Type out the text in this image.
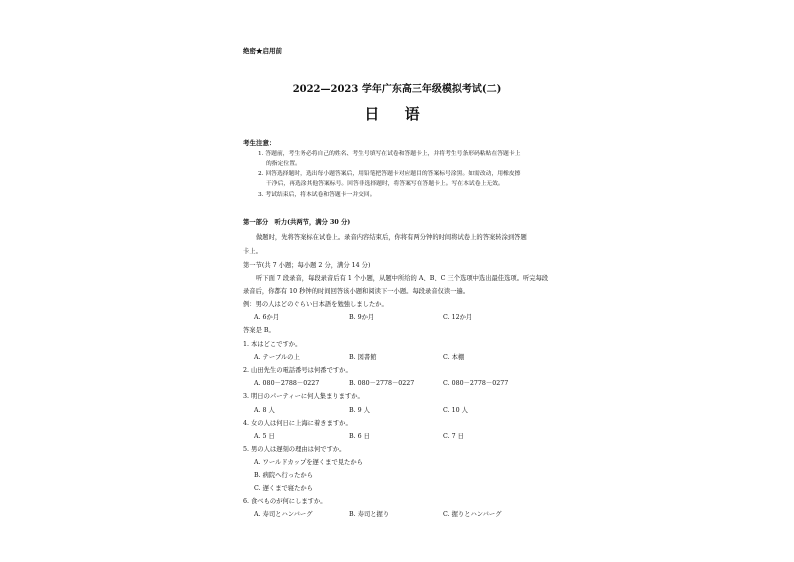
绝密★启用前
2022—2023 学年广东高三年级模拟考试(二)
日 语
考生注意：
1. 答题前，考生务必将自己的姓名、考生号填写在试卷和答题卡上，并将考生号条形码粘贴在答题卡上
的指定位置。
2. 回答选择题时，选出每小题答案后，用铅笔把答题卡对应题目的答案标号涂黑。如需改动，用橡皮擦
干净后，再选涂其他答案标号。回答非选择题时，将答案写在答题卡上。写在本试卷上无效。
3. 考试结束后，将本试卷和答题卡一并交回。
第一部分　听力(共两节，满分 30 分)
做题时，先将答案标在试卷上。录音内容结束后，你将有两分钟的时间将试卷上的答案转涂到答题
卡上。
第一节(共 7 小题；每小题 2 分，满分 14 分)
听下面 7 段录音，每段录音后有 1 个小题，从题中所给的 A、B、C 三个选项中选出最佳选项。听完每段
录音后，你都有 10 秒钟的时间回答该小题和阅读下一小题。每段录音仅读一遍。
例：男の人はどのぐらい日本語を勉強しましたか。
A. 6か月	B. 9か月	C. 12か月
答案是 B。
1. 本はどこですか。
A. テーブルの上	B. 図書館	C. 本棚
2. 山田先生の電話番号は何番ですか。
A. 080－2788－0227	B. 080－2778－0227	C. 080－2778－0277
3. 明日のパーティーに何人集まりますか。
A. 8 人	B. 9 人	C. 10 人
4. 女の人は何日に上海に着きますか。
A. 5 日	B. 6 日	C. 7 日
5. 男の人は遅刻の理由は何ですか。
A. ワールドカップを遅くまで見たから
B. 病院へ行ったから
C. 遅くまで寝たから
6. 食べものが何にしますか。
A. 寿司とハンバーグ	B. 寿司と握り	C. 握りとハンバーグ
